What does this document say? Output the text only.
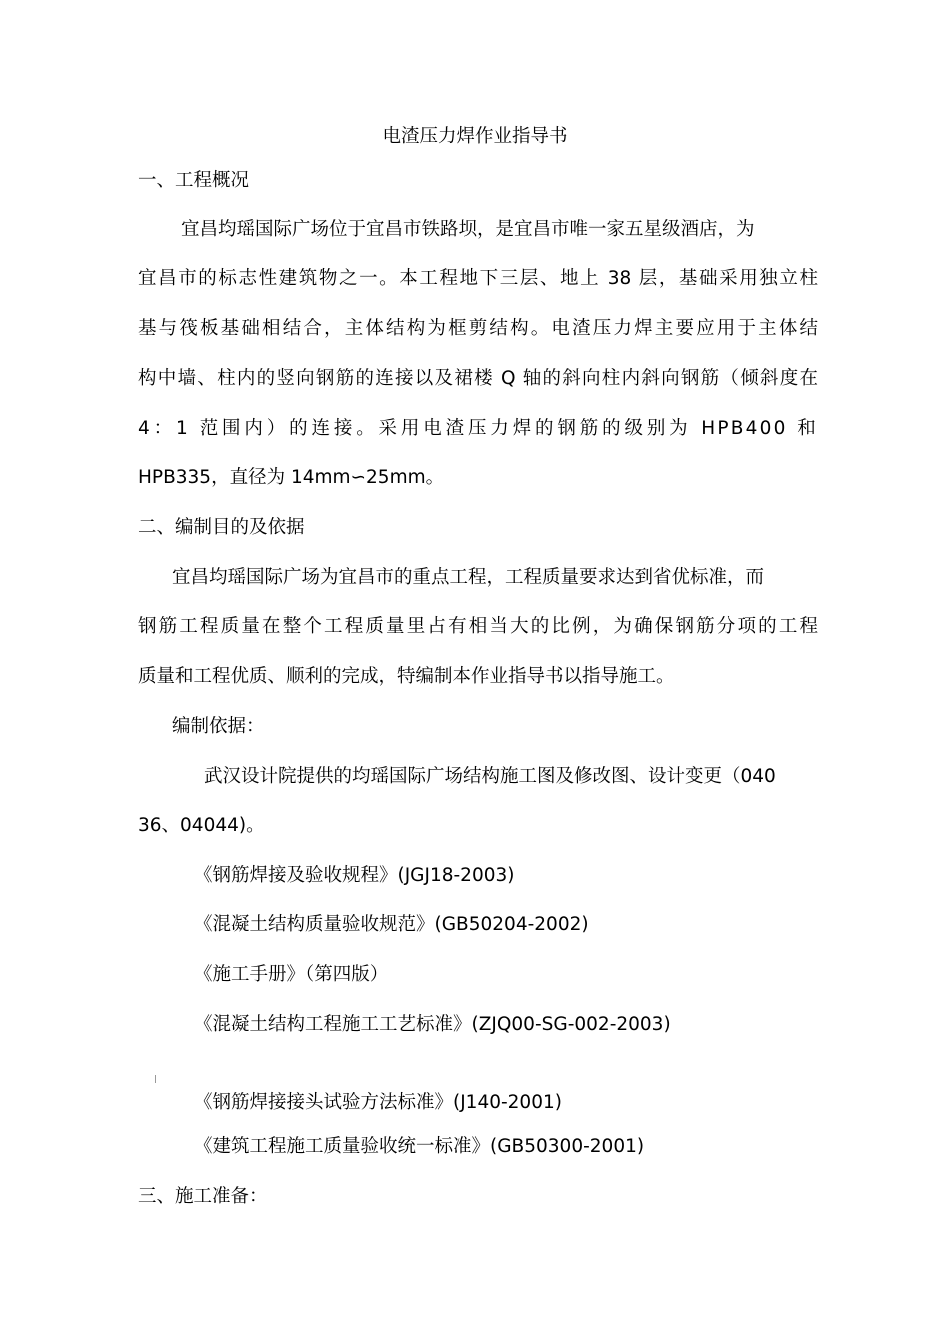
电渣压力焊作业指导书

一、工程概况

宜昌均瑶国际广场位于宜昌市铁路坝，是宜昌市唯一家五星级酒店，为

宜昌市的标志性建筑物之一。本工程地下三层、地上 38 层，基础采用独立柱

基与筏板基础相结合，主体结构为框剪结构。电渣压力焊主要应用于主体结

构中墙、柱内的竖向钢筋的连接以及裙楼 Q 轴的斜向柱内斜向钢筋（倾斜度在

4：1 范围内）的连接。采用电渣压力焊的钢筋的级别为 HPB400 和

HPB335，直径为 14mm∽25mm。

二、编制目的及依据

宜昌均瑶国际广场为宜昌市的重点工程，工程质量要求达到省优标准，而

钢筋工程质量在整个工程质量里占有相当大的比例，为确保钢筋分项的工程

质量和工程优质、顺利的完成，特编制本作业指导书以指导施工。

编制依据：

武汉设计院提供的均瑶国际广场结构施工图及修改图、设计变更（040

36、04044)。

《钢筋焊接及验收规程》(JGJ18-2003)

《混凝土结构质量验收规范》(GB50204-2002)

《施工手册》（第四版）

《混凝土结构工程施工工艺标准》(ZJQ00-SG-002-2003)

《钢筋焊接接头试验方法标准》(J140-2001)

《建筑工程施工质量验收统一标准》(GB50300-2001)

三、施工准备：
